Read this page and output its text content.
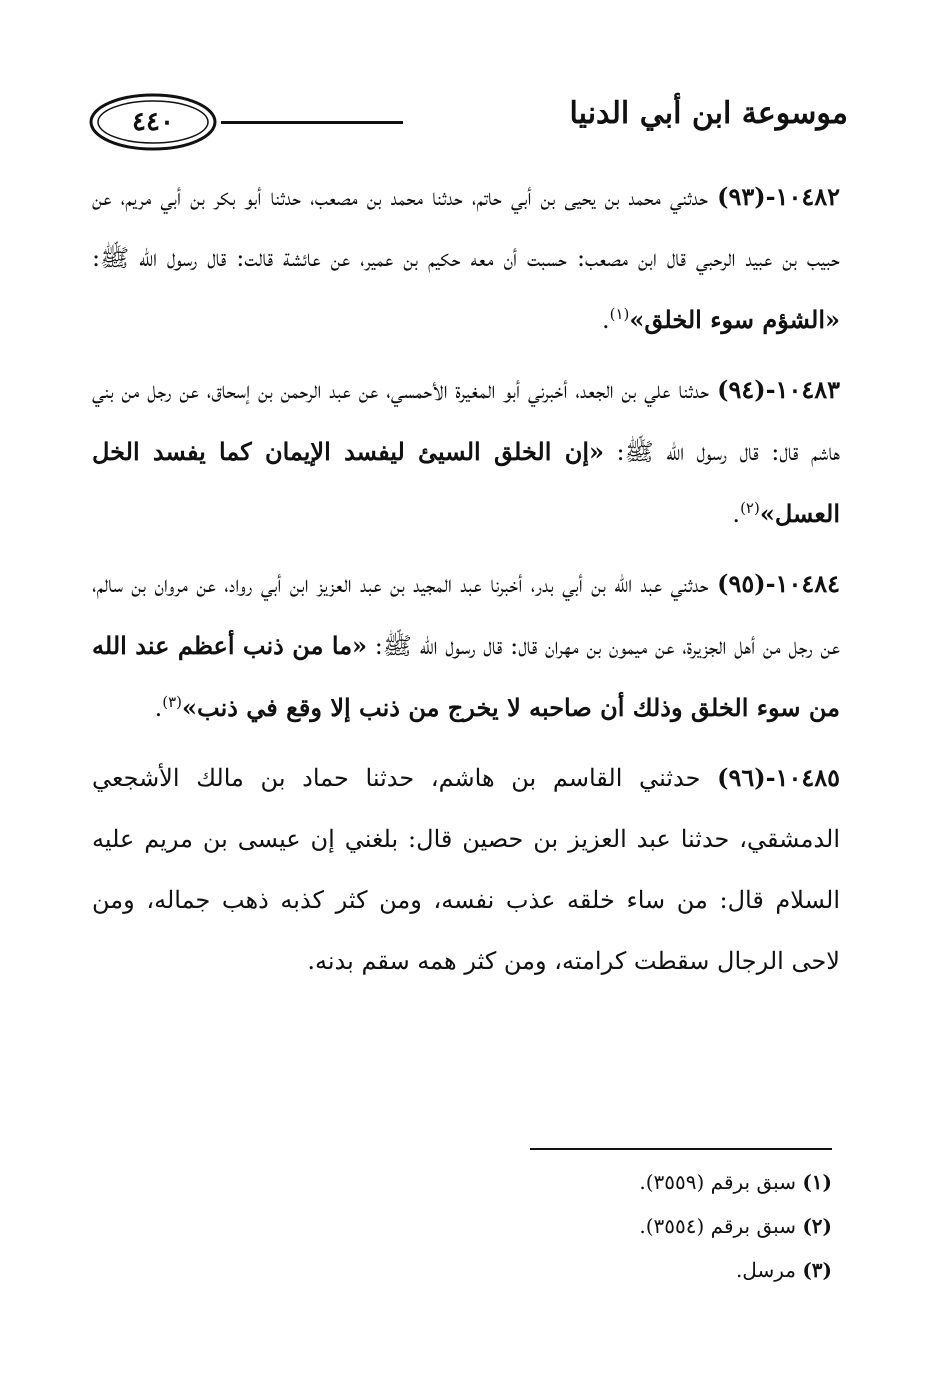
٤٤٠	موسوعة ابن أبي الدنيا

١٠٤٨٢-(٩٣) حدثني محمد بن يحيى بن أبي حاتم، حدثنا محمد بن مصعب، حدثنا أبو بكر بن أبي مريم، عن حبيب بن عبيد الرحبي قال ابن مصعب: حسبت أن معه حكيم بن عمير، عن عائشة قالت: قال رسول الله ﷺ: «الشؤم سوء الخلق»$^{(١)}$.

١٠٤٨٣-(٩٤) حدثنا علي بن الجعد، أخبرني أبو المغيرة الأحمسي، عن عبد الرحمن بن إسحاق، عن رجل من بني هاشم قال: قال رسول الله ﷺ: «إن الخلق السيئ ليفسد الإيمان كما يفسد الخل العسل»$^{(٢)}$.

١٠٤٨٤-(٩٥) حدثني عبد الله بن أبي بدر، أخبرنا عبد المجيد بن عبد العزيز ابن أبي رواد، عن مروان بن سالم، عن رجل من أهل الجزيرة، عن ميمون بن مهران قال: قال رسول الله ﷺ: «ما من ذنب أعظم عند الله من سوء الخلق وذلك أن صاحبه لا يخرج من ذنب إلا وقع في ذنب»$^{(٣)}$.

١٠٤٨٥-(٩٦) حدثني القاسم بن هاشم، حدثنا حماد بن مالك الأشجعي الدمشقي، حدثنا عبد العزيز بن حصين قال: بلغني إن عيسى بن مريم عليه السلام قال: من ساء خلقه عذب نفسه، ومن كثر كذبه ذهب جماله، ومن لاحى الرجال سقطت كرامته، ومن كثر همه سقم بدنه.

(١) سبق برقم (٣٥٥٩).
(٢) سبق برقم (٣٥٥٤).
(٣) مرسل.
